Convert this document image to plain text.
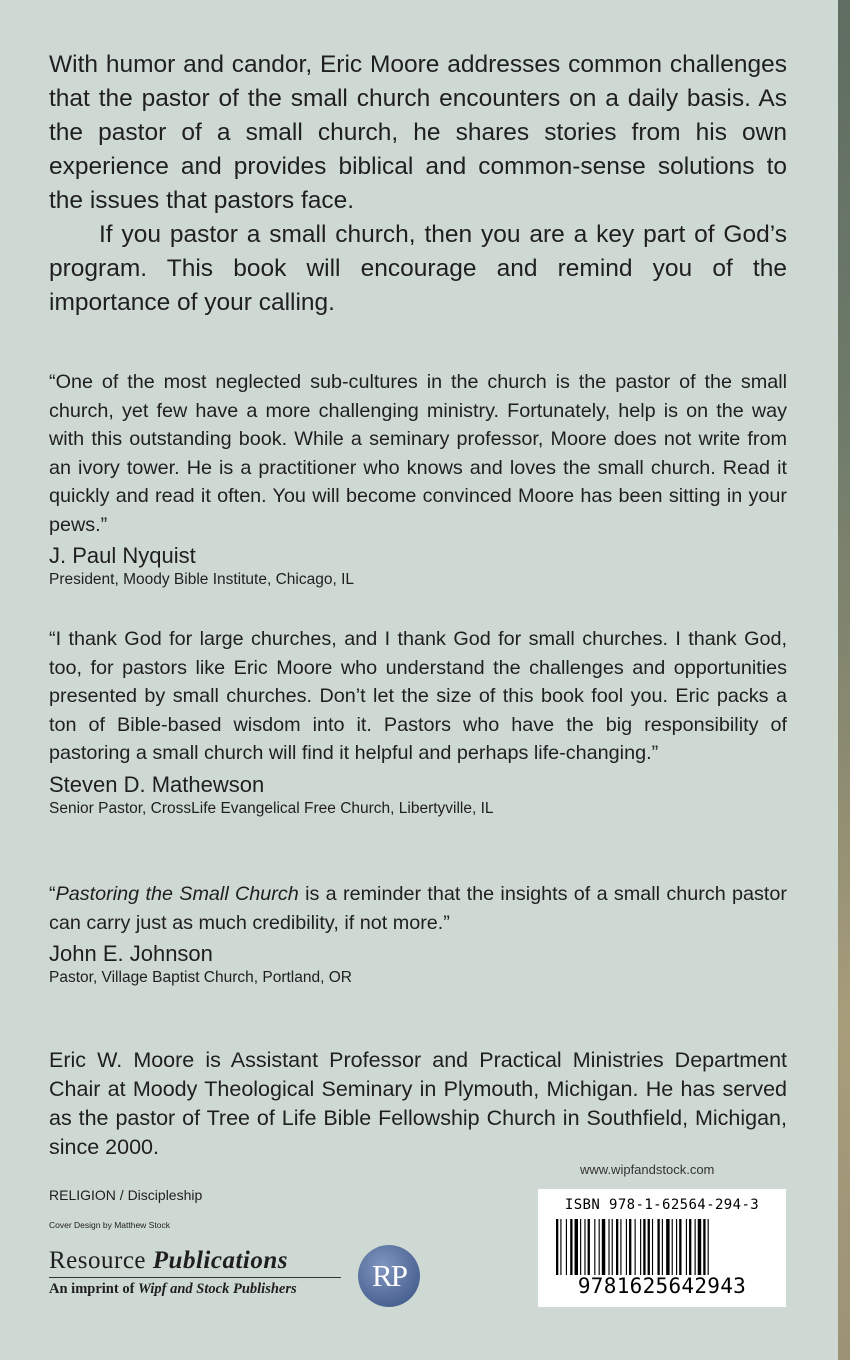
With humor and candor, Eric Moore addresses common challenges that the pastor of the small church encounters on a daily basis. As the pastor of a small church, he shares stories from his own experience and provides biblical and common-sense solutions to the issues that pastors face.

If you pastor a small church, then you are a key part of God’s program. This book will encourage and remind you of the importance of your calling.

“One of the most neglected sub-cultures in the church is the pastor of the small church, yet few have a more challenging ministry. Fortunately, help is on the way with this outstanding book. While a seminary professor, Moore does not write from an ivory tower. He is a practitioner who knows and loves the small church. Read it quickly and read it often. You will become convinced Moore has been sitting in your pews.”

J. Paul Nyquist
President, Moody Bible Institute, Chicago, IL

“I thank God for large churches, and I thank God for small churches. I thank God, too, for pastors like Eric Moore who understand the challenges and opportunities presented by small churches. Don’t let the size of this book fool you. Eric packs a ton of Bible-based wisdom into it. Pastors who have the big responsibility of pastoring a small church will find it helpful and perhaps life-changing.”

Steven D. Mathewson
Senior Pastor, CrossLife Evangelical Free Church, Libertyville, IL

“Pastoring the Small Church is a reminder that the insights of a small church pastor can carry just as much credibility, if not more.”

John E. Johnson
Pastor, Village Baptist Church, Portland, OR

Eric W. Moore is Assistant Professor and Practical Ministries Department Chair at Moody Theological Seminary in Plymouth, Michigan. He has served as the pastor of Tree of Life Bible Fellowship Church in Southfield, Michigan, since 2000.

RELIGION / Discipleship
Cover Design by Matthew Stock
Resource Publications
An imprint of Wipf and Stock Publishers	RP
www.wipfandstock.com
ISBN 978-1-62564-294-3
9781625642943
